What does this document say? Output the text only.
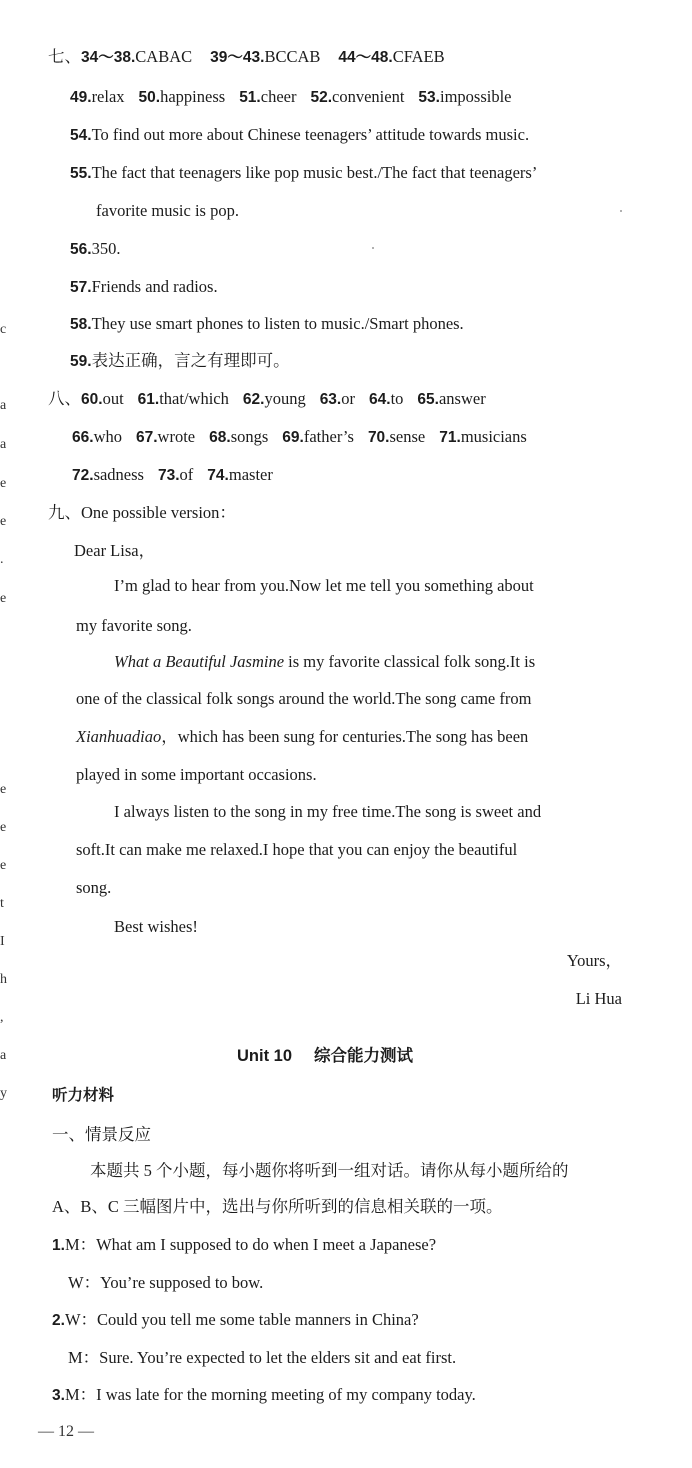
c
a
a
e
e
.
e
e
e
e
t
I
h
,
a
y
七、34～38.CABAC 39～43.BCCAB 44～48.CFAEB
49.relax 50.happiness 51.cheer 52.convenient 53.impossible
54.To find out more about Chinese teenagers’ attitude towards music.
55.The fact that teenagers like pop music best./The fact that teenagers’
favorite music is pop.
56.350.
57.Friends and radios.
58.They use smart phones to listen to music./Smart phones.
59.表达正确，言之有理即可。
八、60.out 61.that/which 62.young 63.or 64.to 65.answer
66.who 67.wrote 68.songs 69.father’s 70.sense 71.musicians
72.sadness 73.of 74.master
九、One possible version：
Dear Lisa，
I’m glad to hear from you.Now let me tell you something about
my favorite song.
What a Beautiful Jasmine is my favorite classical folk song.It is
one of the classical folk songs around the world.The song came from
Xianhuadiao，which has been sung for centuries.The song has been
played in some important occasions.
I always listen to the song in my free time.The song is sweet and
soft.It can make me relaxed.I hope that you can enjoy the beautiful
song.
Best wishes!
Yours，
Li Hua
Unit 10 综合能力测试
听力材料
一、情景反应
本题共 5 个小题，每小题你将听到一组对话。请你从每小题所给的
A、B、C 三幅图片中，选出与你所听到的信息相关联的一项。
1.M：What am I supposed to do when I meet a Japanese?
W：You’re supposed to bow.
2.W：Could you tell me some table manners in China?
M：Sure. You’re expected to let the elders sit and eat first.
3.M：I was late for the morning meeting of my company today.
— 12 —
